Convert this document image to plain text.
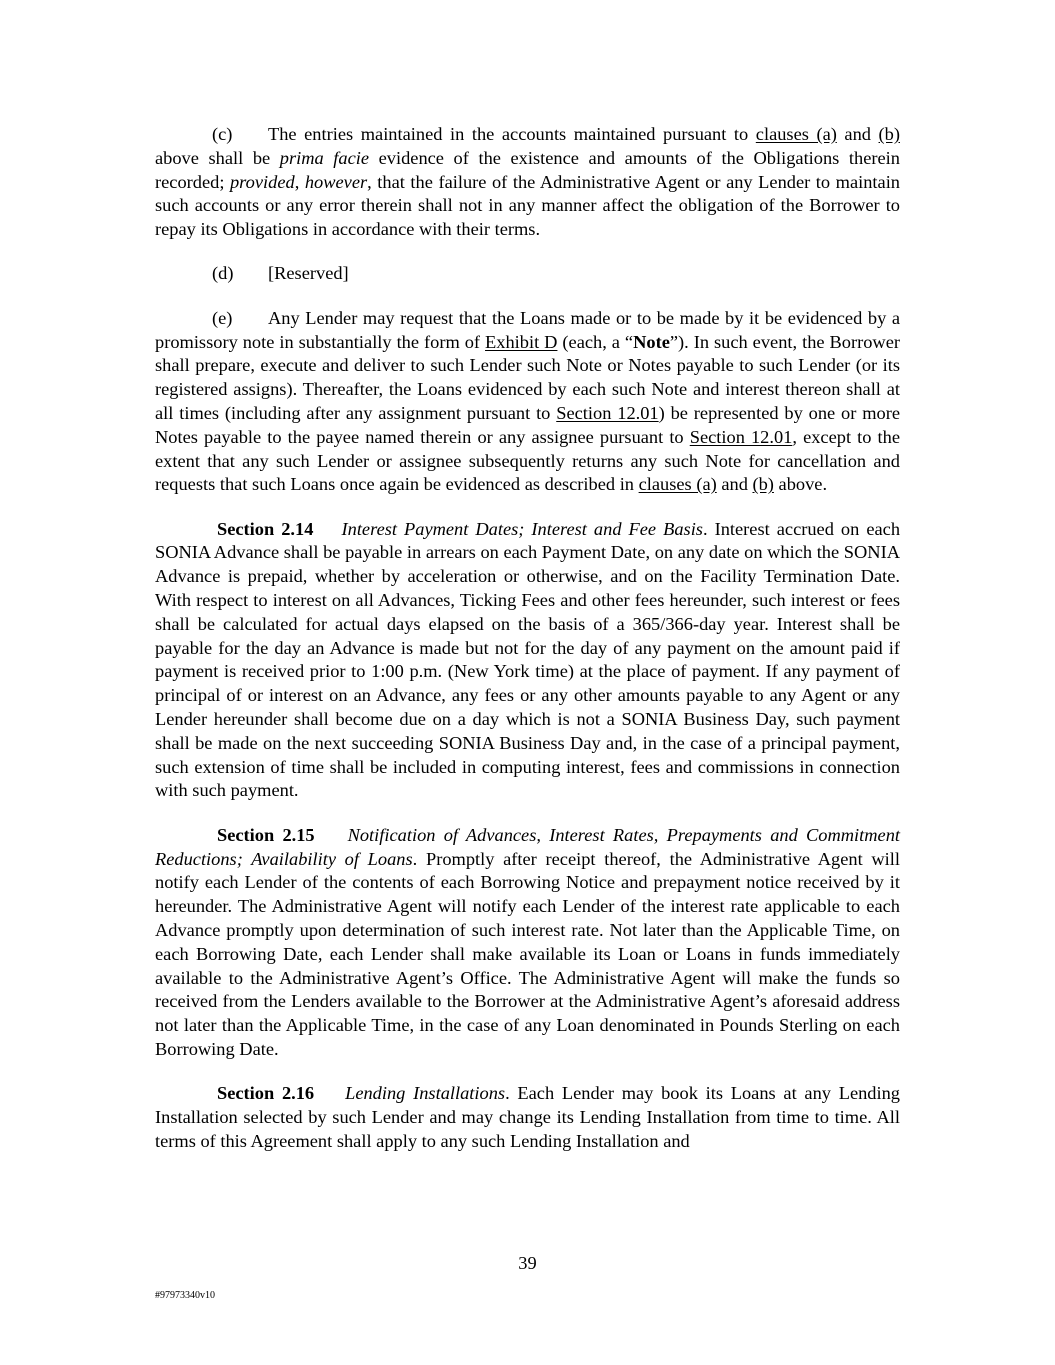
(c) The entries maintained in the accounts maintained pursuant to clauses (a) and (b) above shall be prima facie evidence of the existence and amounts of the Obligations therein recorded; provided, however, that the failure of the Administrative Agent or any Lender to maintain such accounts or any error therein shall not in any manner affect the obligation of the Borrower to repay its Obligations in accordance with their terms.

(d) [Reserved]

(e) Any Lender may request that the Loans made or to be made by it be evidenced by a promissory note in substantially the form of Exhibit D (each, a “Note”). In such event, the Borrower shall prepare, execute and deliver to such Lender such Note or Notes payable to such Lender (or its registered assigns). Thereafter, the Loans evidenced by each such Note and interest thereon shall at all times (including after any assignment pursuant to Section 12.01) be represented by one or more Notes payable to the payee named therein or any assignee pursuant to Section 12.01, except to the extent that any such Lender or assignee subsequently returns any such Note for cancellation and requests that such Loans once again be evidenced as described in clauses (a) and (b) above.

Section 2.14 Interest Payment Dates; Interest and Fee Basis. Interest accrued on each SONIA Advance shall be payable in arrears on each Payment Date, on any date on which the SONIA Advance is prepaid, whether by acceleration or otherwise, and on the Facility Termination Date. With respect to interest on all Advances, Ticking Fees and other fees hereunder, such interest or fees shall be calculated for actual days elapsed on the basis of a 365/366-day year. Interest shall be payable for the day an Advance is made but not for the day of any payment on the amount paid if payment is received prior to 1:00 p.m. (New York time) at the place of payment. If any payment of principal of or interest on an Advance, any fees or any other amounts payable to any Agent or any Lender hereunder shall become due on a day which is not a SONIA Business Day, such payment shall be made on the next succeeding SONIA Business Day and, in the case of a principal payment, such extension of time shall be included in computing interest, fees and commissions in connection with such payment.

Section 2.15 Notification of Advances, Interest Rates, Prepayments and Commitment Reductions; Availability of Loans. Promptly after receipt thereof, the Administrative Agent will notify each Lender of the contents of each Borrowing Notice and prepayment notice received by it hereunder. The Administrative Agent will notify each Lender of the interest rate applicable to each Advance promptly upon determination of such interest rate. Not later than the Applicable Time, on each Borrowing Date, each Lender shall make available its Loan or Loans in funds immediately available to the Administrative Agent’s Office. The Administrative Agent will make the funds so received from the Lenders available to the Borrower at the Administrative Agent’s aforesaid address not later than the Applicable Time, in the case of any Loan denominated in Pounds Sterling on each Borrowing Date.

Section 2.16 Lending Installations. Each Lender may book its Loans at any Lending Installation selected by such Lender and may change its Lending Installation from time to time. All terms of this Agreement shall apply to any such Lending Installation and

39
#97973340v10
